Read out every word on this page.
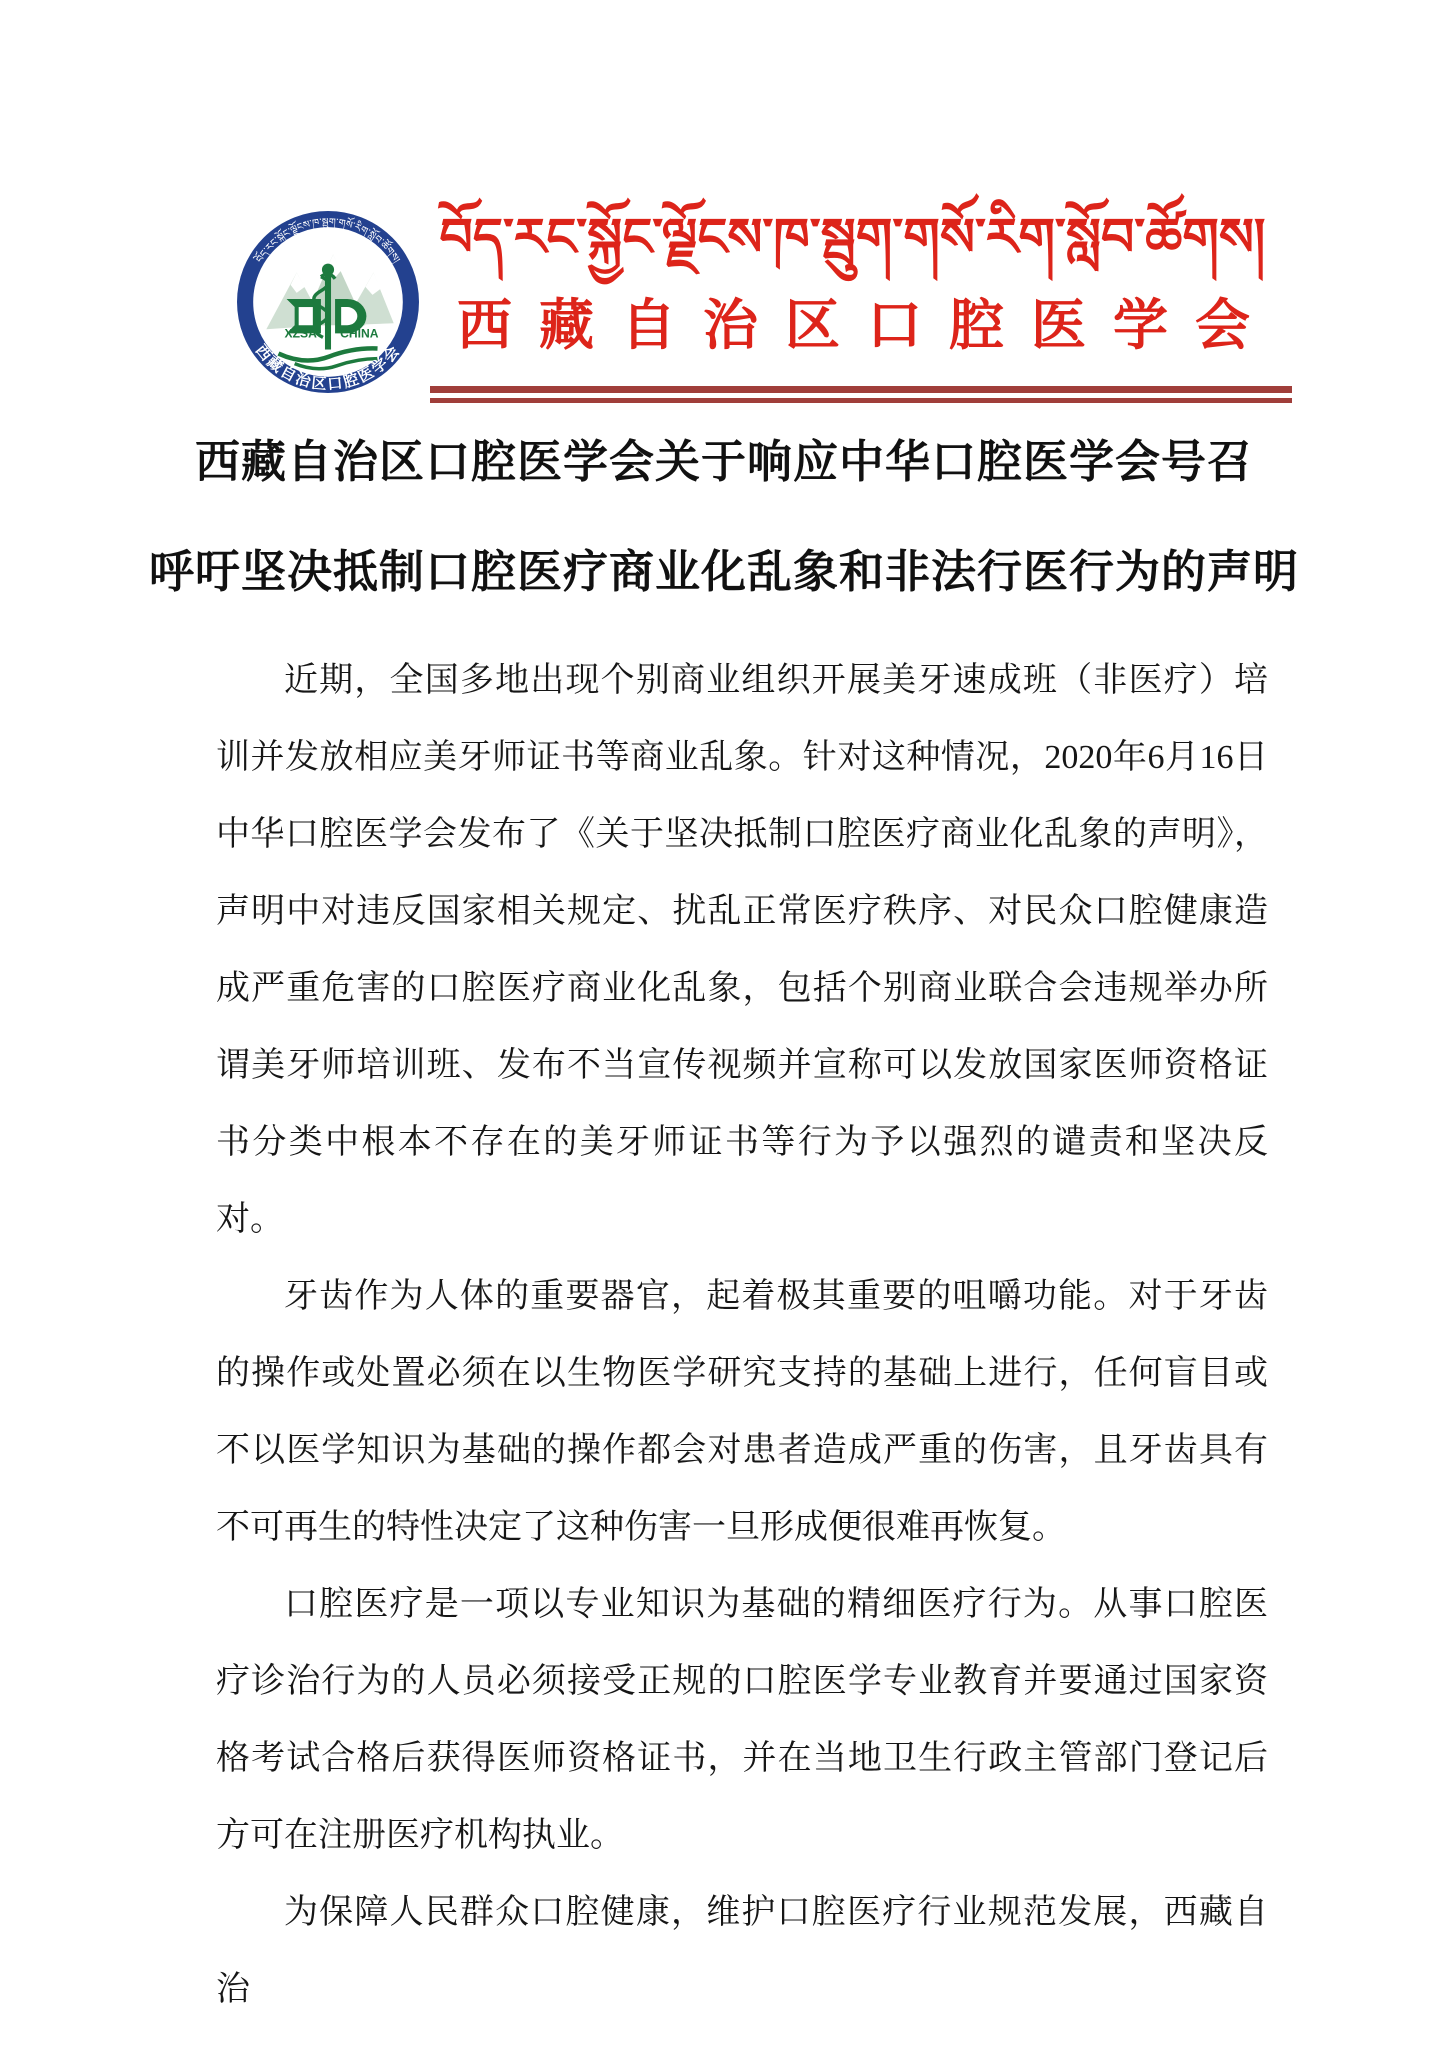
XZSA CHINA
བོད་རང་སྐྱོང་ལྗོངས་ཁ་སྦུག་གསོ་རིག་སློབ་ཚོགས།
西藏自治区口腔医学会
བོད་རང་སྐྱོང་ལྗོངས་ཁ་སྦུག་གསོ་རིག་སློབ་ཚོགས།
西藏自治区口腔医学会
西藏自治区口腔医学会关于响应中华口腔医学会号召
呼吁坚决抵制口腔医疗商业化乱象和非法行医行为的声明

近期，全国多地出现个别商业组织开展美牙速成班（非医疗）培训并发放相应美牙师证书等商业乱象。针对这种情况，2020年6月16日中华口腔医学会发布了《关于坚决抵制口腔医疗商业化乱象的声明》，声明中对违反国家相关规定、扰乱正常医疗秩序、对民众口腔健康造成严重危害的口腔医疗商业化乱象，包括个别商业联合会违规举办所谓美牙师培训班、发布不当宣传视频并宣称可以发放国家医师资格证书分类中根本不存在的美牙师证书等行为予以强烈的谴责和坚决反对。

牙齿作为人体的重要器官，起着极其重要的咀嚼功能。对于牙齿的操作或处置必须在以生物医学研究支持的基础上进行，任何盲目或不以医学知识为基础的操作都会对患者造成严重的伤害，且牙齿具有不可再生的特性决定了这种伤害一旦形成便很难再恢复。

口腔医疗是一项以专业知识为基础的精细医疗行为。从事口腔医疗诊治行为的人员必须接受正规的口腔医学专业教育并要通过国家资格考试合格后获得医师资格证书，并在当地卫生行政主管部门登记后方可在注册医疗机构执业。

为保障人民群众口腔健康，维护口腔医疗行业规范发展，西藏自治
